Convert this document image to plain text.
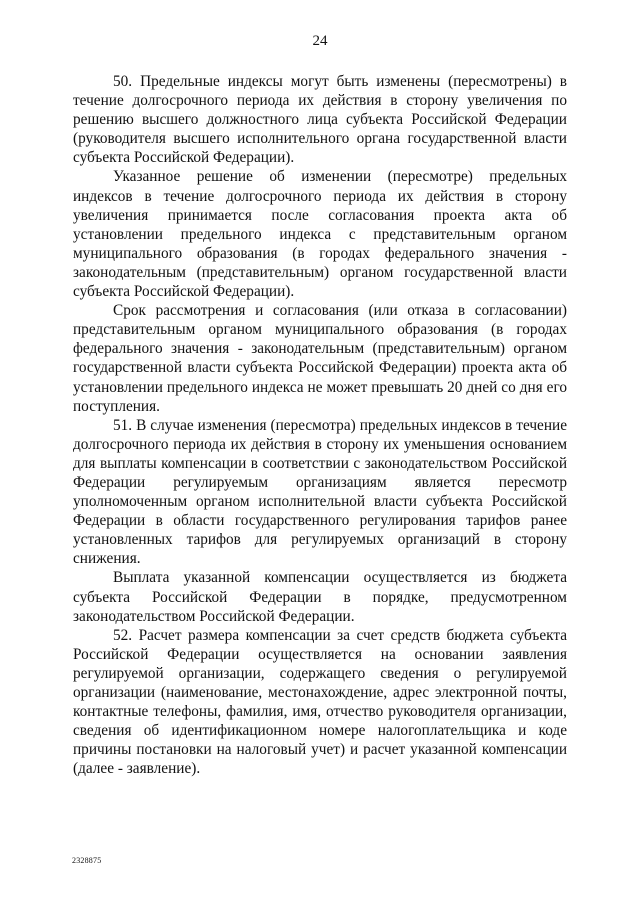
24

50. Предельные индексы могут быть изменены (пересмотрены) в течение долгосрочного периода их действия в сторону увеличения по решению высшего должностного лица субъекта Российской Федерации (руководителя высшего исполнительного органа государственной власти субъекта Российской Федерации).

Указанное решение об изменении (пересмотре) предельных индексов в течение долгосрочного периода их действия в сторону увеличения принимается после согласования проекта акта об установлении предельного индекса с представительным органом муниципального образования (в городах федерального значения - законодательным (представительным) органом государственной власти субъекта Российской Федерации).

Срок рассмотрения и согласования (или отказа в согласовании) представительным органом муниципального образования (в городах федерального значения - законодательным (представительным) органом государственной власти субъекта Российской Федерации) проекта акта об установлении предельного индекса не может превышать 20 дней со дня его поступления.

51. В случае изменения (пересмотра) предельных индексов в течение долгосрочного периода их действия в сторону их уменьшения основанием для выплаты компенсации в соответствии с законодательством Российской Федерации регулируемым организациям является пересмотр уполномоченным органом исполнительной власти субъекта Российской Федерации в области государственного регулирования тарифов ранее установленных тарифов для регулируемых организаций в сторону снижения.

Выплата указанной компенсации осуществляется из бюджета субъекта Российской Федерации в порядке, предусмотренном законодательством Российской Федерации.

52. Расчет размера компенсации за счет средств бюджета субъекта Российской Федерации осуществляется на основании заявления регулируемой организации, содержащего сведения о регулируемой организации (наименование, местонахождение, адрес электронной почты, контактные телефоны, фамилия, имя, отчество руководителя организации, сведения об идентификационном номере налогоплательщика и коде причины постановки на налоговый учет) и расчет указанной компенсации (далее - заявление).

2328875
